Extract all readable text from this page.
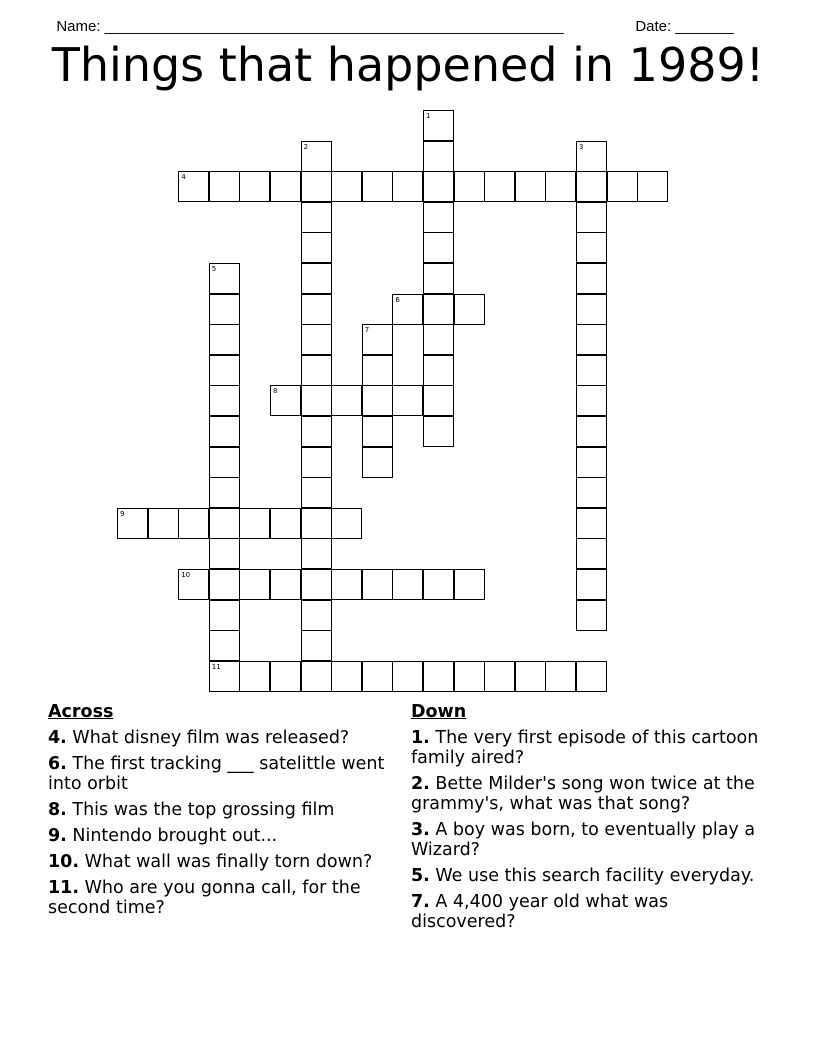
Name: _______________________________________________________	Date: _______

Things that happened in 1989!
1
2	3
4
5
6
7
8
9
10
11
Across
4. What disney film was released?
6. The first tracking ___ satelittle went into orbit
8. This was the top grossing film
9. Nintendo brought out...
10. What wall was finally torn down?
11. Who are you gonna call, for the second time?
Down
1. The very first episode of this cartoon family aired?
2. Bette Milder's song won twice at the grammy's, what was that song?
3. A boy was born, to eventually play a Wizard?
5. We use this search facility everyday.
7. A 4,400 year old what was discovered?
